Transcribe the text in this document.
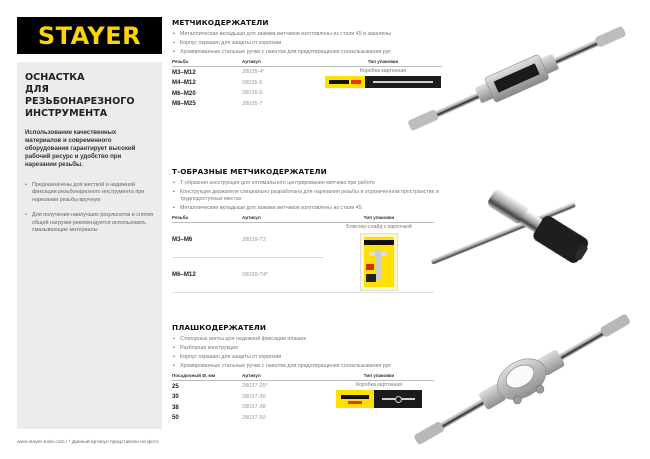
STAYER
ОСНАСТКА
ДЛЯ РЕЗЬБОНАРЕЗНОГО
ИНСТРУМЕНТА

Использование качественных материалов и современного оборудования гарантирует высокий рабочий ресурс и удобство при нарезании резьбы.

• Предназначены для жесткой и надежной фиксации резьбонарезного инструмента при нарезании резьбы вручную
• Для получения наилучших результатов и снятия общей нагрузки рекомендуется использовать смазывающие материалы
www.stayer-tools.com / * Данный артикул представлен на фото
МЕТЧИКОДЕРЖАТЕЛИ
• Металлические вкладыши для зажима метчиков изготовлены из стали 45 и закалены
• Корпус окрашен для защиты от коррозии
• Хромированные стальные ручки с накатом для предотвращения соскальзывания рук
Резьба	Артикул	Тип упаковки
M3–M12	28035-4*	Коробка картонная

M4–M12	28035-5	
M6–M20	28035-6	
M8–M25	28035-7	
Т-ОБРАЗНЫЕ МЕТЧИКОДЕРЖАТЕЛИ
• Т-образная конструкция для оптимального центрирования метчика при работе
• Конструкция держателя специально разработана для нарезания резьбы в ограниченном пространстве и труднодоступных местах
• Металлические вкладыши для зажима метчиков изготовлены из стали 45
Резьба	Артикул	Тип упаковки
M3–M6	28039-T2	Блистер-слайд с карточкой

M6–M12	28039-T4*	
ПЛАШКОДЕРЖАТЕЛИ
• Стопорные винты для надежной фиксации плашек
• Разборная конструкция
• Корпус окрашен для защиты от коррозии
• Хромированные стальные ручки с накатом для предотвращения соскальзывания рук
Посадочный Ø, мм	Артикул	Тип упаковки
25	28037-25*	Коробка картонная

30	28037-30	
38	28037-38	
50	28037-50	
